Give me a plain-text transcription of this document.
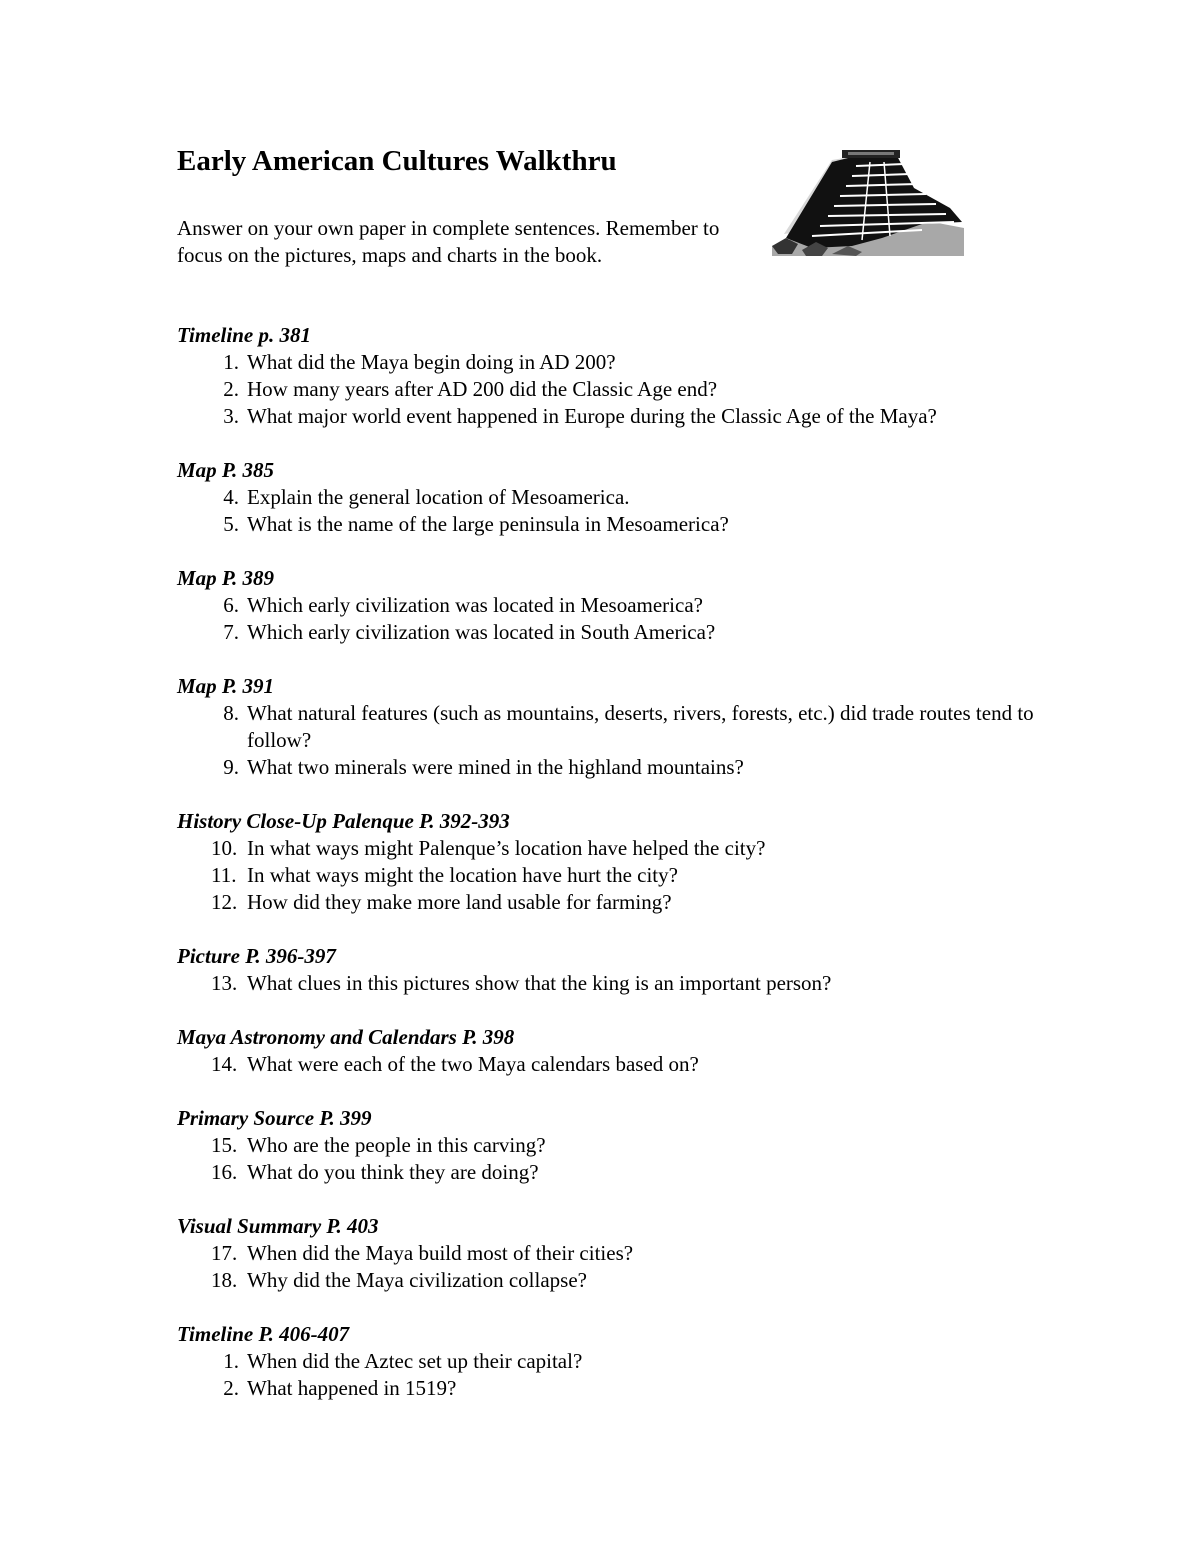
Early American Cultures Walkthru

Answer on your own paper in complete sentences. Remember to focus on the pictures, maps and charts in the book.

Timeline p. 381
1. What did the Maya begin doing in AD 200?
2. How many years after AD 200 did the Classic Age end?
3. What major world event happened in Europe during the Classic Age of the Maya?
Map P. 385
4. Explain the general location of Mesoamerica.
5. What is the name of the large peninsula in Mesoamerica?
Map P. 389
6. Which early civilization was located in Mesoamerica?
7. Which early civilization was located in South America?
Map P. 391
8. What natural features (such as mountains, deserts, rivers, forests, etc.) did trade routes tend to follow?
9. What two minerals were mined in the highland mountains?
History Close-Up Palenque P. 392-393
10. In what ways might Palenque’s location have helped the city?
11. In what ways might the location have hurt the city?
12. How did they make more land usable for farming?
Picture P. 396-397
13. What clues in this pictures show that the king is an important person?
Maya Astronomy and Calendars P. 398
14. What were each of the two Maya calendars based on?
Primary Source P. 399
15. Who are the people in this carving?
16. What do you think they are doing?
Visual Summary P. 403
17. When did the Maya build most of their cities?
18. Why did the Maya civilization collapse?
Timeline P. 406-407
1. When did the Aztec set up their capital?
2. What happened in 1519?
